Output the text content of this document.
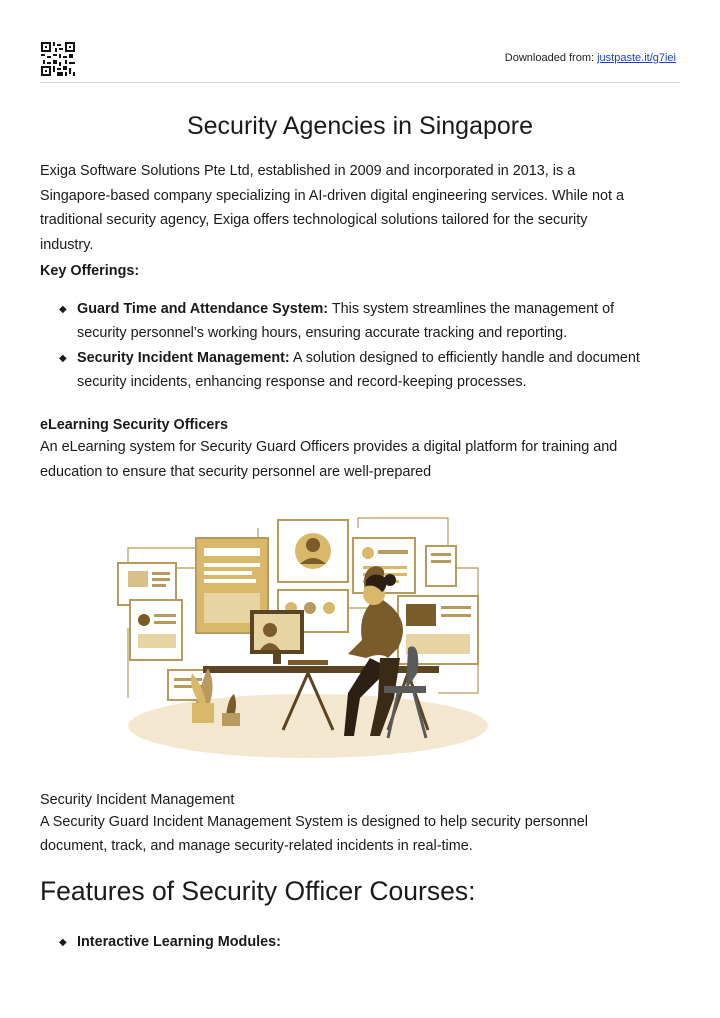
Downloaded from: justpaste.it/g7iei
Security Agencies in Singapore
Exiga Software Solutions Pte Ltd, established in 2009 and incorporated in 2013, is a
Singapore-based company specializing in AI-driven digital engineering services. While not a
traditional security agency, Exiga offers technological solutions tailored for the security
industry.
Key Offerings:
◆ Guard Time and Attendance System: This system streamlines the management of
security personnel’s working hours, ensuring accurate tracking and reporting.
◆ Security Incident Management: A solution designed to efficiently handle and document
security incidents, enhancing response and record-keeping processes.
eLearning Security Officers
An eLearning system for Security Guard Officers provides a digital platform for training and
education to ensure that security personnel are well-prepared
Security Incident Management
A Security Guard Incident Management System is designed to help security personnel
document, track, and manage security-related incidents in real-time.
Features of Security Officer Courses:
◆ Interactive Learning Modules:
